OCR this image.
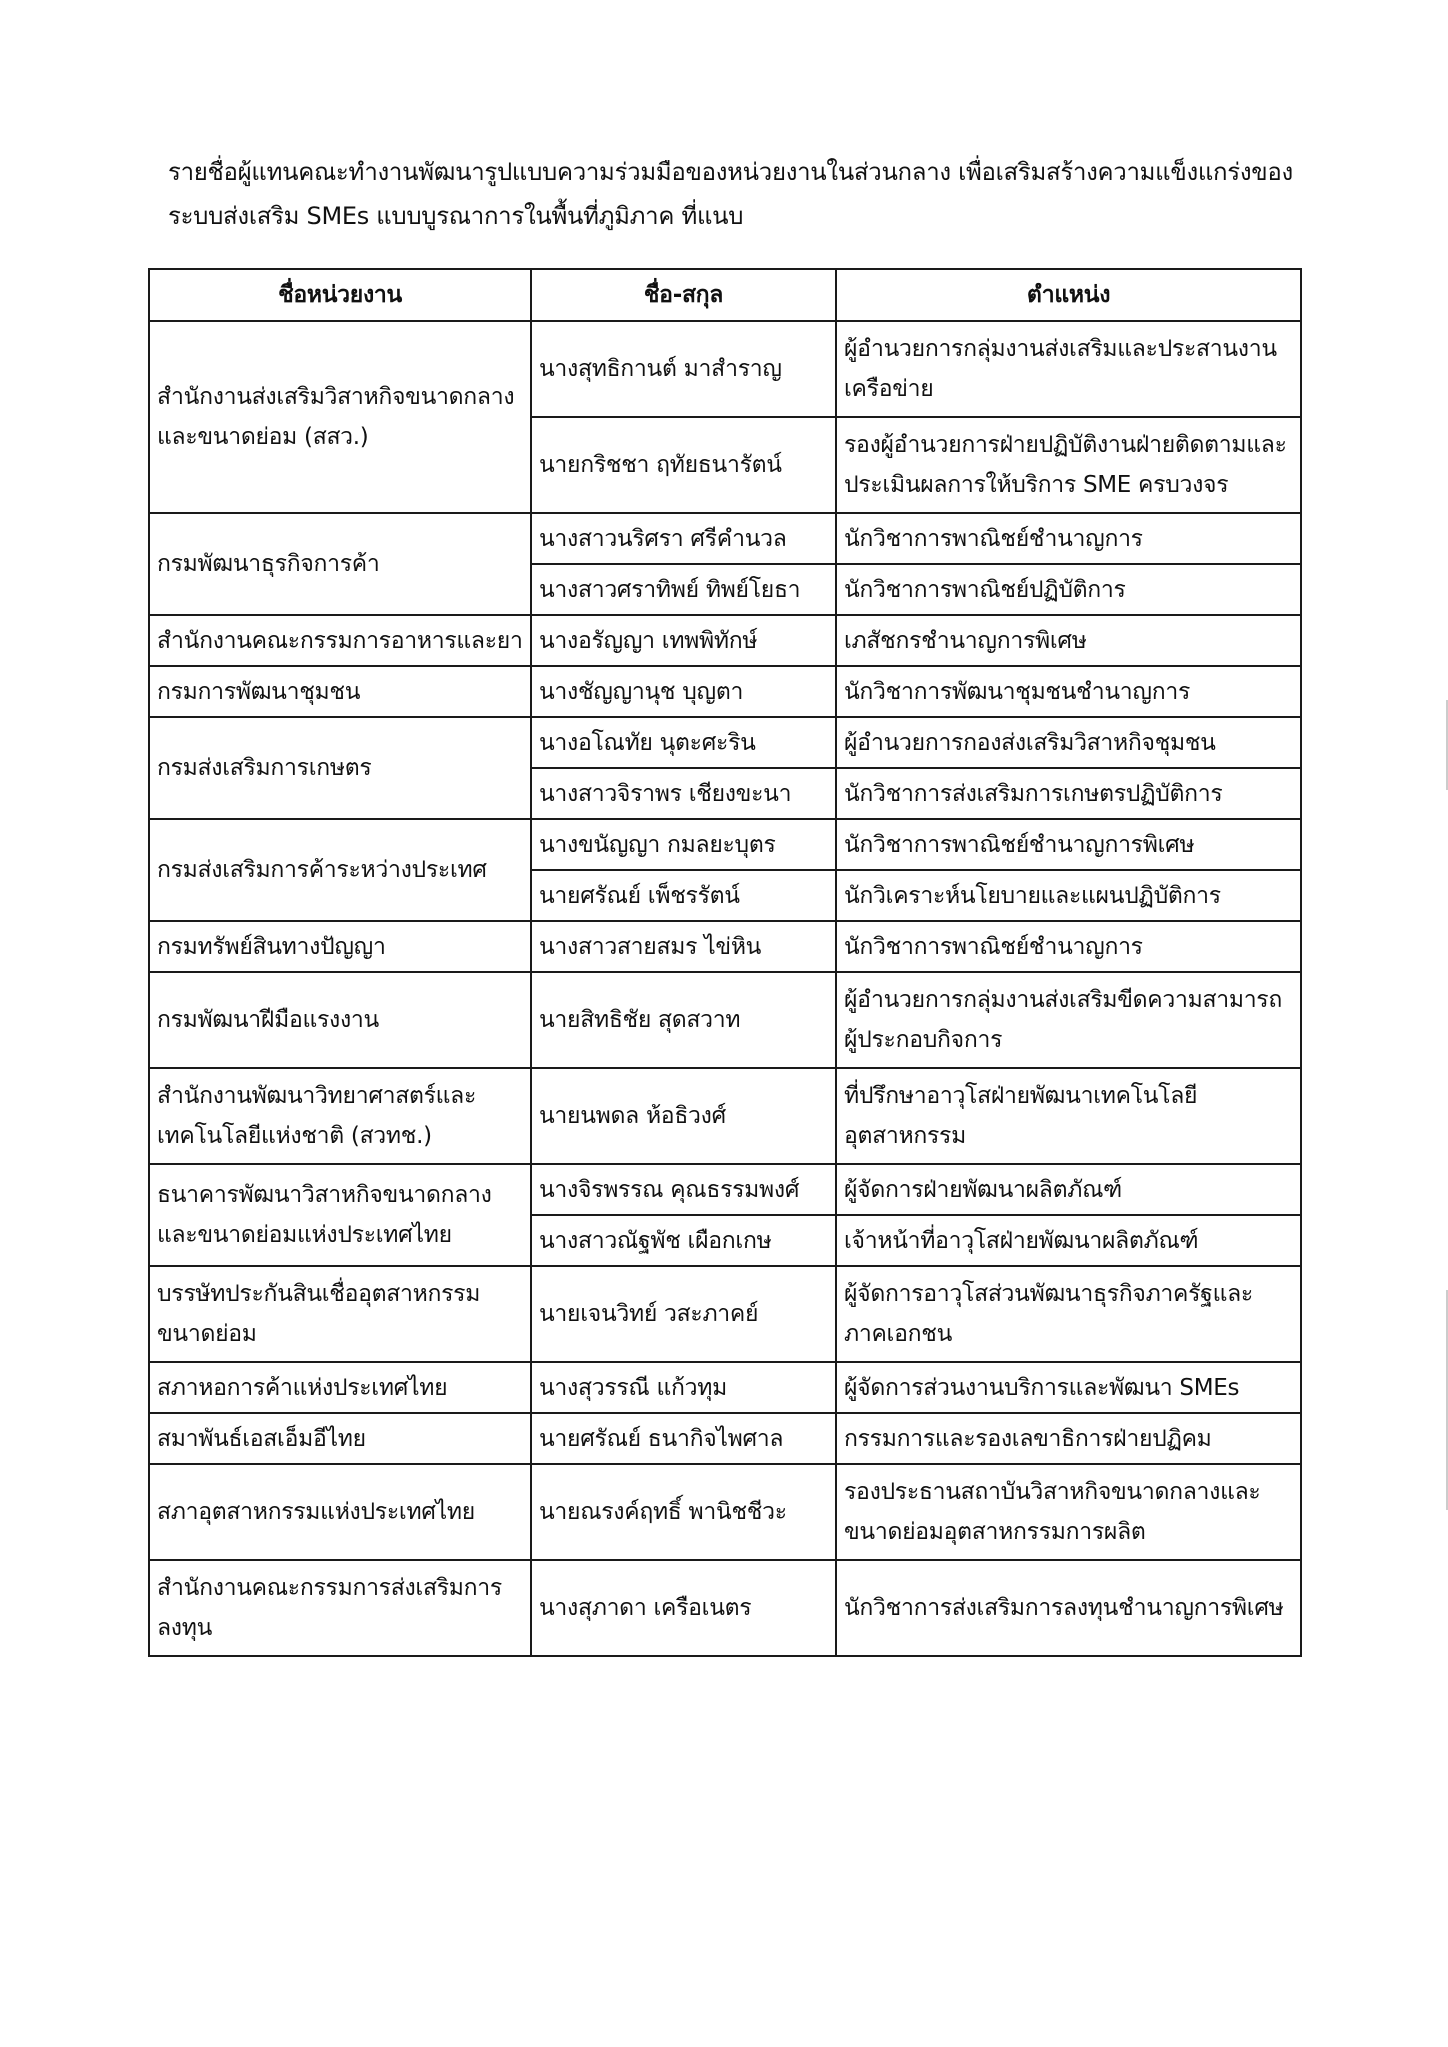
รายชื่อผู้แทนคณะทำงานพัฒนารูปแบบความร่วมมือของหน่วยงานในส่วนกลาง เพื่อเสริมสร้างความแข็งแกร่งของ

ระบบส่งเสริม SMEs แบบบูรณาการในพื้นที่ภูมิภาค ที่แนบ

ชื่อหน่วยงาน	ชื่อ-สกุล	ตำแหน่ง
สำนักงานส่งเสริมวิสาหกิจขนาดกลางและขนาดย่อม (สสว.)	นางสุทธิกานต์ มาสำราญ	ผู้อำนวยการกลุ่มงานส่งเสริมและประสานงานเครือข่าย
	นายกริชชา ฤทัยธนารัตน์	รองผู้อำนวยการฝ่ายปฏิบัติงานฝ่ายติดตามและประเมินผลการให้บริการ SME ครบวงจร
กรมพัฒนาธุรกิจการค้า	นางสาวนริศรา ศรีคำนวล	นักวิชาการพาณิชย์ชำนาญการ
	นางสาวศราทิพย์ ทิพย์โยธา	นักวิชาการพาณิชย์ปฏิบัติการ
สำนักงานคณะกรรมการอาหารและยา	นางอรัญญา เทพพิทักษ์	เภสัชกรชำนาญการพิเศษ
กรมการพัฒนาชุมชน	นางชัญญานุช บุญตา	นักวิชาการพัฒนาชุมชนชำนาญการ
กรมส่งเสริมการเกษตร	นางอโณทัย นุตะศะริน	ผู้อำนวยการกองส่งเสริมวิสาหกิจชุมชน
	นางสาวจิราพร เชียงขะนา	นักวิชาการส่งเสริมการเกษตรปฏิบัติการ
กรมส่งเสริมการค้าระหว่างประเทศ	นางขนัญญา กมลยะบุตร	นักวิชาการพาณิชย์ชำนาญการพิเศษ
	นายศรัณย์ เพ็ชรรัตน์	นักวิเคราะห์นโยบายและแผนปฏิบัติการ
กรมทรัพย์สินทางปัญญา	นางสาวสายสมร ไข่หิน	นักวิชาการพาณิชย์ชำนาญการ
กรมพัฒนาฝีมือแรงงาน	นายสิทธิชัย สุดสวาท	ผู้อำนวยการกลุ่มงานส่งเสริมขีดความสามารถผู้ประกอบกิจการ
สำนักงานพัฒนาวิทยาศาสตร์และเทคโนโลยีแห่งชาติ (สวทช.)	นายนพดล ห้อธิวงศ์	ที่ปรึกษาอาวุโสฝ่ายพัฒนาเทคโนโลยีอุตสาหกรรม
ธนาคารพัฒนาวิสาหกิจขนาดกลางและขนาดย่อมแห่งประเทศไทย	นางจิรพรรณ คุณธรรมพงศ์	ผู้จัดการฝ่ายพัฒนาผลิตภัณฑ์
	นางสาวณัฐพัช เผือกเกษ	เจ้าหน้าที่อาวุโสฝ่ายพัฒนาผลิตภัณฑ์
บรรษัทประกันสินเชื่ออุตสาหกรรมขนาดย่อม	นายเจนวิทย์ วสะภาคย์	ผู้จัดการอาวุโสส่วนพัฒนาธุรกิจภาครัฐและภาคเอกชน
สภาหอการค้าแห่งประเทศไทย	นางสุวรรณี แก้วทุม	ผู้จัดการส่วนงานบริการและพัฒนา SMEs
สมาพันธ์เอสเอ็มอีไทย	นายศรัณย์ ธนากิจไพศาล	กรรมการและรองเลขาธิการฝ่ายปฏิคม
สภาอุตสาหกรรมแห่งประเทศไทย	นายณรงค์ฤทธิ์ พานิชชีวะ	รองประธานสถาบันวิสาหกิจขนาดกลางและขนาดย่อมอุตสาหกรรมการผลิต
สำนักงานคณะกรรมการส่งเสริมการลงทุน	นางสุภาดา เครือเนตร	นักวิชาการส่งเสริมการลงทุนชำนาญการพิเศษ
